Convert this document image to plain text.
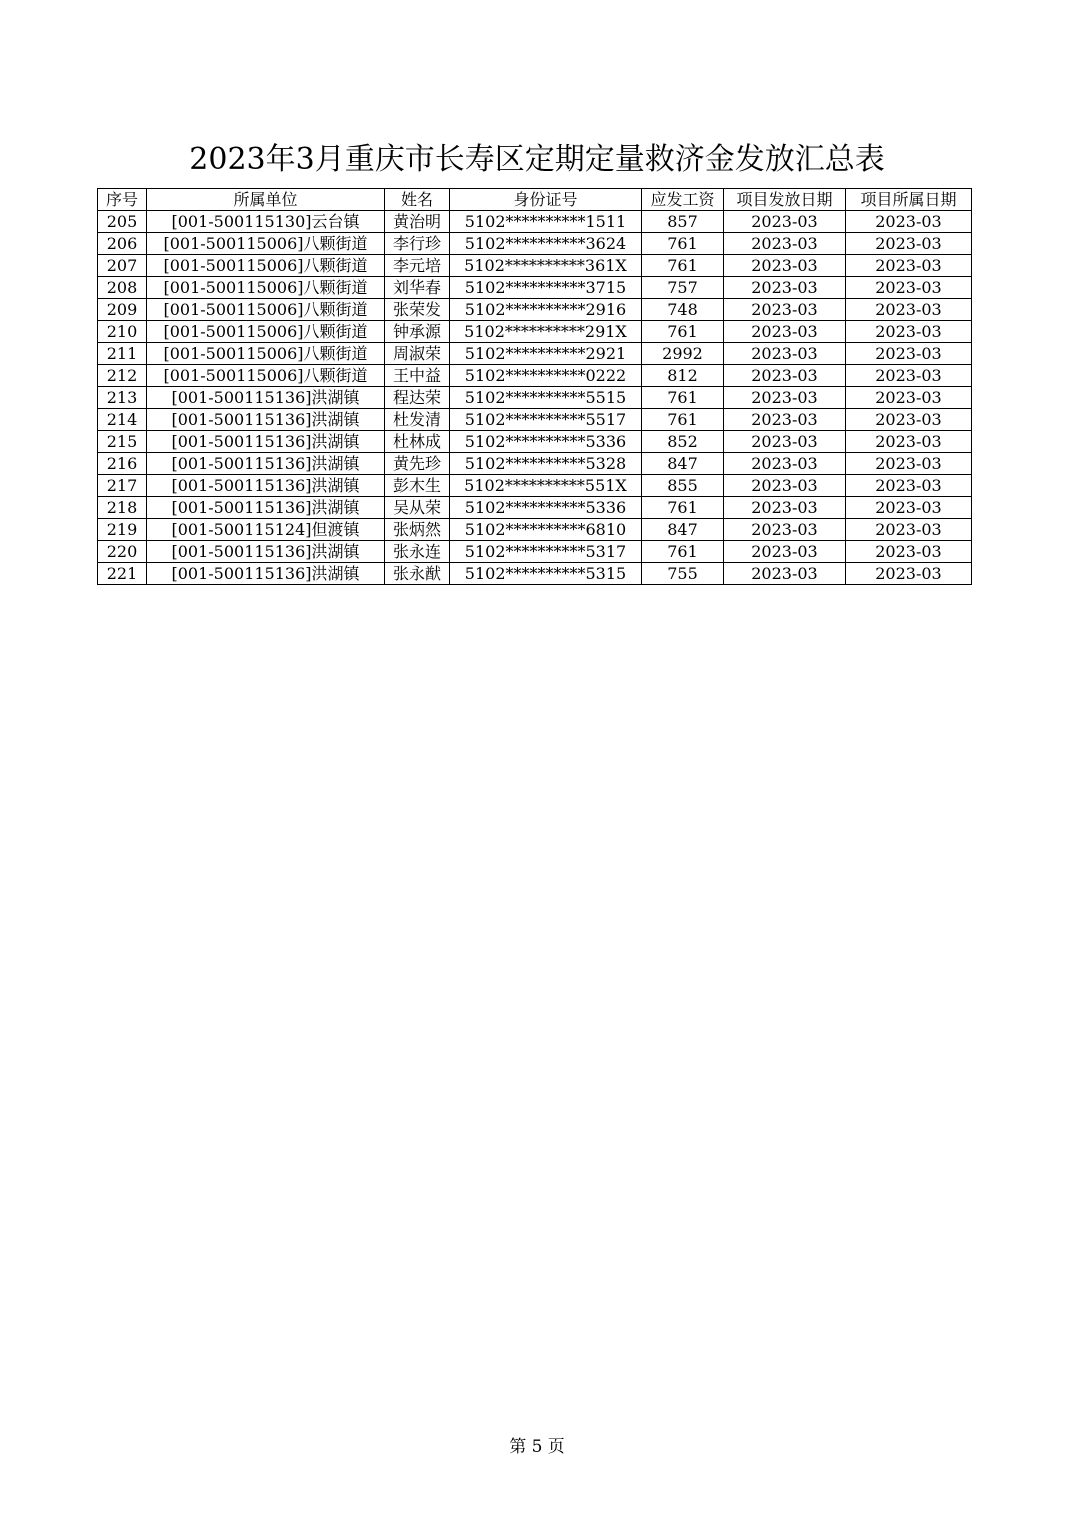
2023年3月重庆市长寿区定期定量救济金发放汇总表
序号	所属单位	姓名	身份证号	应发工资	项目发放日期	项目所属日期
205	[001-500115130]云台镇	黄治明	5102**********1511	857	2023-03	2023-03
206	[001-500115006]八颗街道	李行珍	5102**********3624	761	2023-03	2023-03
207	[001-500115006]八颗街道	李元培	5102**********361X	761	2023-03	2023-03
208	[001-500115006]八颗街道	刘华春	5102**********3715	757	2023-03	2023-03
209	[001-500115006]八颗街道	张荣发	5102**********2916	748	2023-03	2023-03
210	[001-500115006]八颗街道	钟承源	5102**********291X	761	2023-03	2023-03
211	[001-500115006]八颗街道	周淑荣	5102**********2921	2992	2023-03	2023-03
212	[001-500115006]八颗街道	王中益	5102**********0222	812	2023-03	2023-03
213	[001-500115136]洪湖镇	程达荣	5102**********5515	761	2023-03	2023-03
214	[001-500115136]洪湖镇	杜发清	5102**********5517	761	2023-03	2023-03
215	[001-500115136]洪湖镇	杜林成	5102**********5336	852	2023-03	2023-03
216	[001-500115136]洪湖镇	黄先珍	5102**********5328	847	2023-03	2023-03
217	[001-500115136]洪湖镇	彭木生	5102**********551X	855	2023-03	2023-03
218	[001-500115136]洪湖镇	吴从荣	5102**********5336	761	2023-03	2023-03
219	[001-500115124]但渡镇	张炳然	5102**********6810	847	2023-03	2023-03
220	[001-500115136]洪湖镇	张永连	5102**********5317	761	2023-03	2023-03
221	[001-500115136]洪湖镇	张永猷	5102**********5315	755	2023-03	2023-03
第 5 页
